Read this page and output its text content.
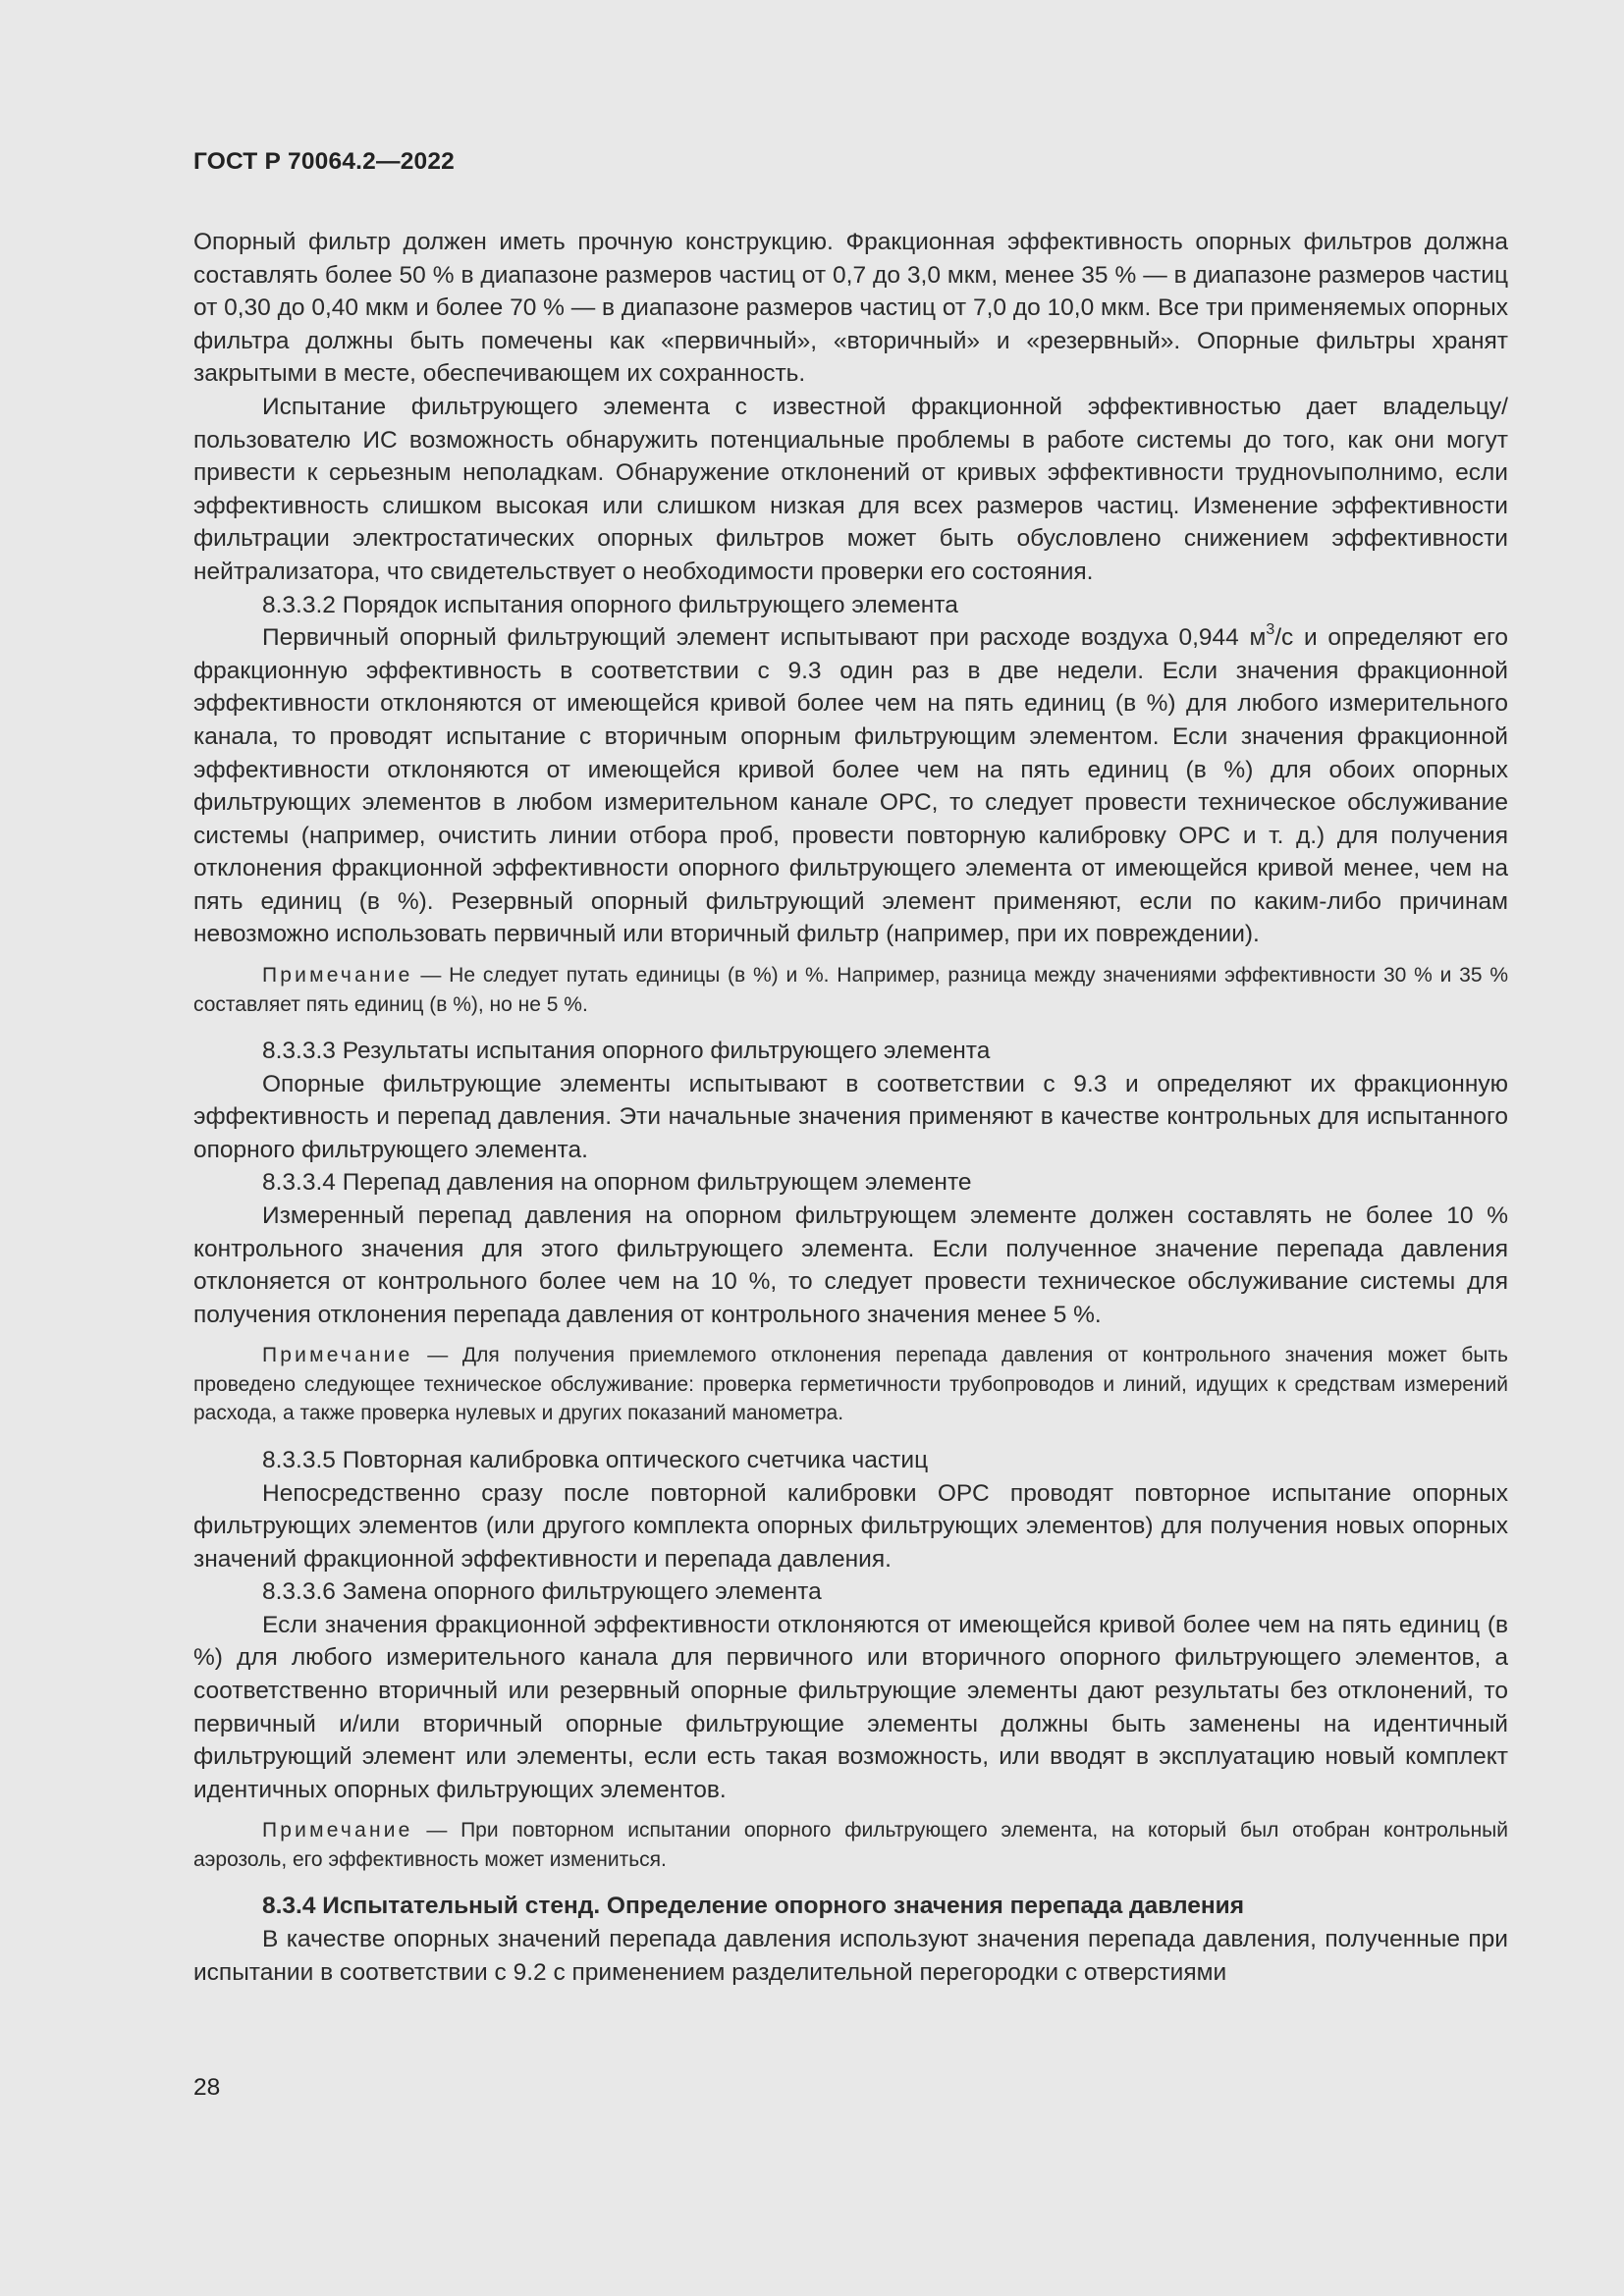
ГОСТ Р 70064.2—2022

Опорный фильтр должен иметь прочную конструкцию. Фракционная эффективность опорных фильтров должна составлять более 50 % в диапазоне размеров частиц от 0,7 до 3,0 мкм, менее 35 % — в диапазоне размеров частиц от 0,30 до 0,40 мкм и более 70 % — в диапазоне размеров частиц от 7,0 до 10,0 мкм. Все три применяемых опорных фильтра должны быть помечены как «первичный», «вторичный» и «резервный». Опорные фильтры хранят закрытыми в месте, обеспечивающем их сохранность.

Испытание фильтрующего элемента с известной фракционной эффективностью дает владельцу/ пользователю ИС возможность обнаружить потенциальные проблемы в работе системы до того, как они могут привести к серьезным неполадкам. Обнаружение отклонений от кривых эффективности труднovыполнимо, если эффективность слишком высокая или слишком низкая для всех размеров частиц. Изменение эффективности фильтрации электростатических опорных фильтров может быть обусловлено снижением эффективности нейтрализатора, что свидетельствует о необходимости проверки его состояния.

8.3.3.2 Порядок испытания опорного фильтрующего элемента

Первичный опорный фильтрующий элемент испытывают при расходе воздуха 0,944 $м^3/с$ и определяют его фракционную эффективность в соответствии с 9.3 один раз в две недели. Если значения фракционной эффективности отклоняются от имеющейся кривой более чем на пять единиц (в %) для любого измерительного канала, то проводят испытание с вторичным опорным фильтрующим элементом. Если значения фракционной эффективности отклоняются от имеющейся кривой более чем на пять единиц (в %) для обоих опорных фильтрующих элементов в любом измерительном канале ОРС, то следует провести техническое обслуживание системы (например, очистить линии отбора проб, провести повторную калибровку ОРС и т. д.) для получения отклонения фракционной эффективности опорного фильтрующего элемента от имеющейся кривой менее, чем на пять единиц (в %). Резервный опорный фильтрующий элемент применяют, если по каким-либо причинам невозможно использовать первичный или вторичный фильтр (например, при их повреждении).

Примечание — Не следует путать единицы (в %) и %. Например, разница между значениями эффективности 30 % и 35 % составляет пять единиц (в %), но не 5 %.

8.3.3.3 Результаты испытания опорного фильтрующего элемента

Опорные фильтрующие элементы испытывают в соответствии с 9.3 и определяют их фракционную эффективность и перепад давления. Эти начальные значения применяют в качестве контрольных для испытанного опорного фильтрующего элемента.

8.3.3.4 Перепад давления на опорном фильтрующем элементе

Измеренный перепад давления на опорном фильтрующем элементе должен составлять не более 10 % контрольного значения для этого фильтрующего элемента. Если полученное значение перепада давления отклоняется от контрольного более чем на 10 %, то следует провести техническое обслуживание системы для получения отклонения перепада давления от контрольного значения менее 5 %.

Примечание — Для получения приемлемого отклонения перепада давления от контрольного значения может быть проведено следующее техническое обслуживание: проверка герметичности трубопроводов и линий, идущих к средствам измерений расхода, а также проверка нулевых и других показаний манометра.

8.3.3.5 Повторная калибровка оптического счетчика частиц

Непосредственно сразу после повторной калибровки ОРС проводят повторное испытание опорных фильтрующих элементов (или другого комплекта опорных фильтрующих элементов) для получения новых опорных значений фракционной эффективности и перепада давления.

8.3.3.6 Замена опорного фильтрующего элемента

Если значения фракционной эффективности отклоняются от имеющейся кривой более чем на пять единиц (в %) для любого измерительного канала для первичного или вторичного опорного фильтрующего элементов, а соответственно вторичный или резервный опорные фильтрующие элементы дают результаты без отклонений, то первичный и/или вторичный опорные фильтрующие элементы должны быть заменены на идентичный фильтрующий элемент или элементы, если есть такая возможность, или вводят в эксплуатацию новый комплект идентичных опорных фильтрующих элементов.

Примечание — При повторном испытании опорного фильтрующего элемента, на который был отобран контрольный аэрозоль, его эффективность может измениться.

8.3.4 Испытательный стенд. Определение опорного значения перепада давления

В качестве опорных значений перепада давления используют значения перепада давления, полученные при испытании в соответствии с 9.2 с применением разделительной перегородки с отверстиями

28
